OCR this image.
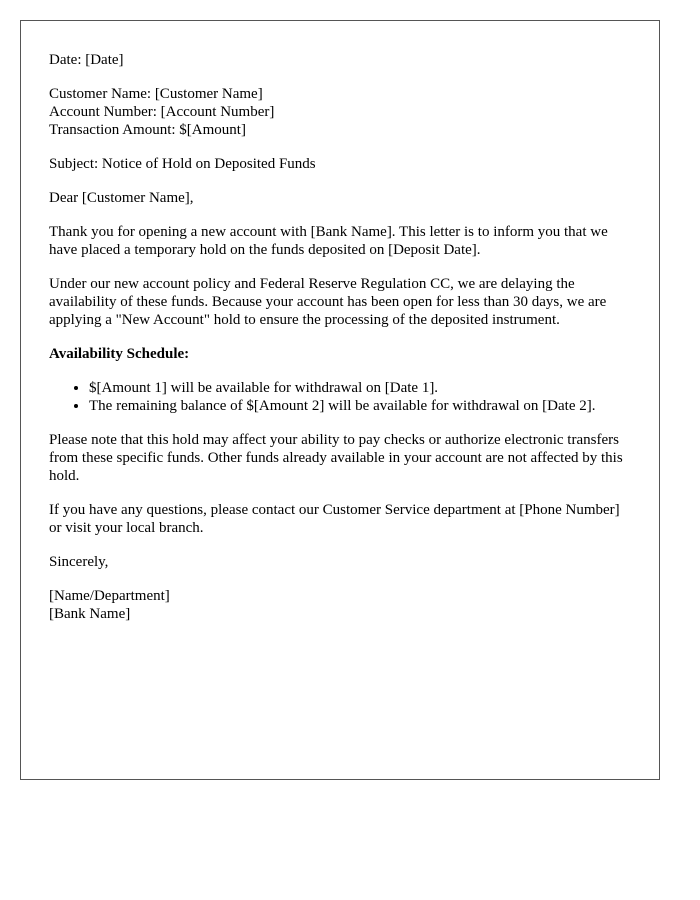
Date: [Date]

Customer Name: [Customer Name]
Account Number: [Account Number]
Transaction Amount: $[Amount]

Subject: Notice of Hold on Deposited Funds

Dear [Customer Name],

Thank you for opening a new account with [Bank Name]. This letter is to inform you that we have placed a temporary hold on the funds deposited on [Deposit Date].

Under our new account policy and Federal Reserve Regulation CC, we are delaying the availability of these funds. Because your account has been open for less than 30 days, we are applying a "New Account" hold to ensure the processing of the deposited instrument.

Availability Schedule:

• $[Amount 1] will be available for withdrawal on [Date 1].
• The remaining balance of $[Amount 2] will be available for withdrawal on [Date 2].

Please note that this hold may affect your ability to pay checks or authorize electronic transfers from these specific funds. Other funds already available in your account are not affected by this hold.

If you have any questions, please contact our Customer Service department at [Phone Number] or visit your local branch.

Sincerely,

[Name/Department]
[Bank Name]
